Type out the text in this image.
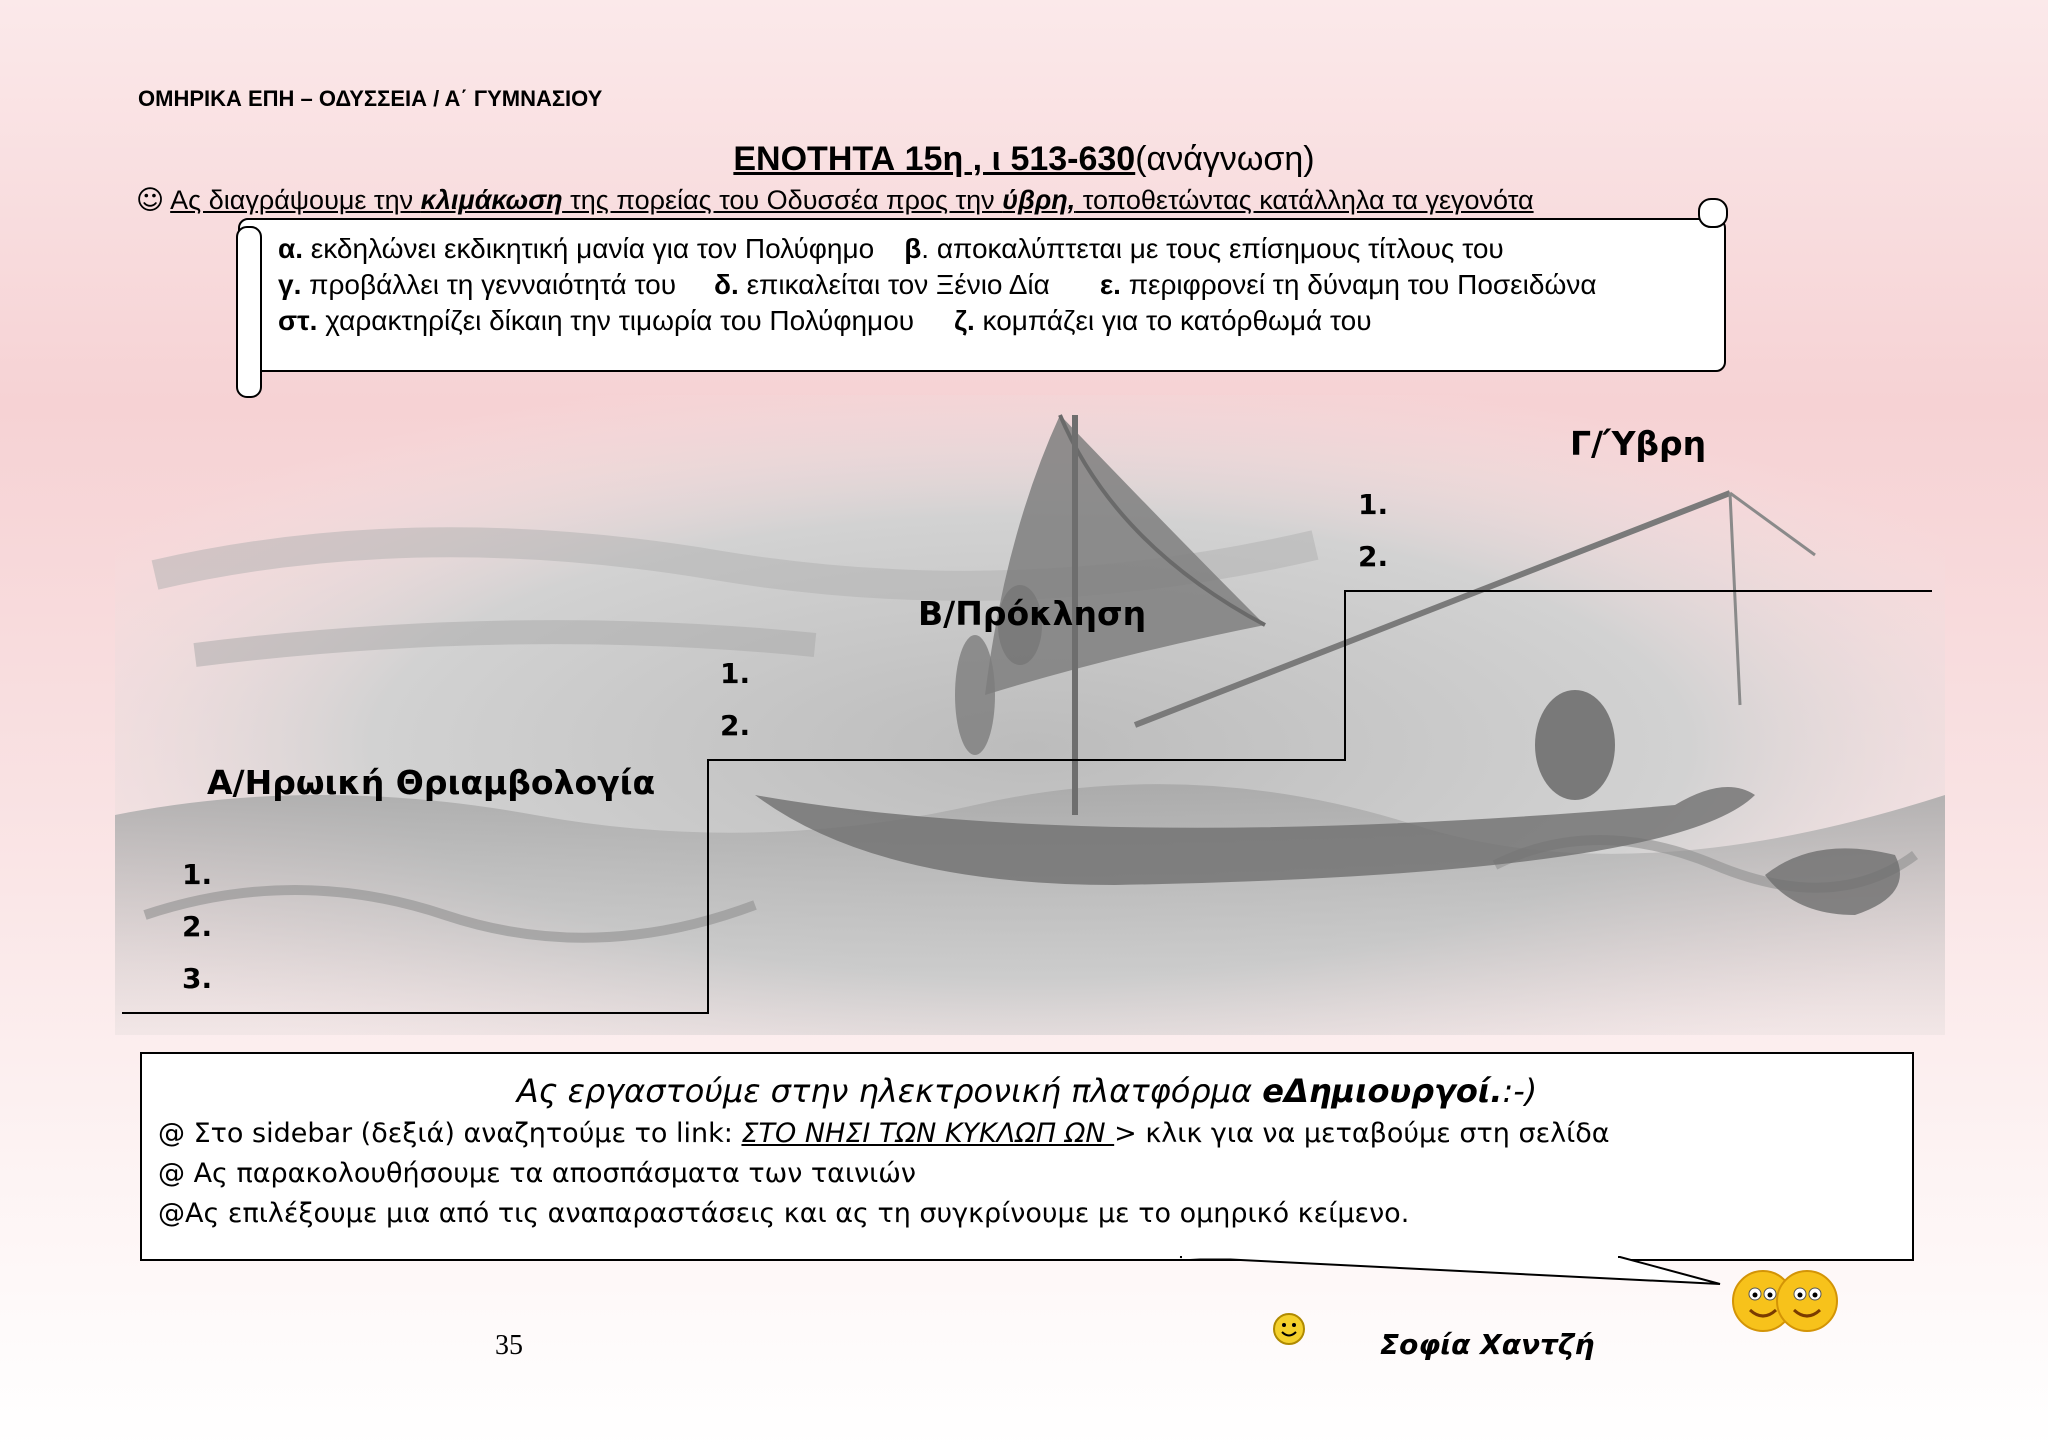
ΟΜΗΡΙΚΑ ΕΠΗ – ΟΔΥΣΣΕΙΑ / Α΄ ΓΥΜΝΑΣΙΟΥ
ΕΝΟΤΗΤΑ 15η , ι 513-630(ανάγνωση)
☺ Ας διαγράψουμε την κλιμάκωση της πορείας του Οδυσσέα προς την ύβρη, τοποθετώντας κατάλληλα τα γεγονότα
α. εκδηλώνει εκδικητική μανία για τον Πολύφημο β. αποκαλύπτεται με τους επίσημους τίτλους του
γ. προβάλλει τη γενναιότητά του δ. επικαλείται τον Ξένιο Δία ε. περιφρονεί τη δύναμη του Ποσειδώνα
στ. χαρακτηρίζει δίκαιη την τιμωρία του Πολύφημου ζ. κομπάζει για το κατόρθωμά του
Α/Ηρωική Θριαμβολογία
1.
2.
3.
Β/Πρόκληση
1.
2.
Γ/Ύβρη
1.
2.
Ας εργαστούμε στην ηλεκτρονική πλατφόρμα eΔημιουργοί.:-)
@ Στο sidebar (δεξιά) αναζητούμε το link: ΣΤΟ ΝΗΣΙ ΤΩΝ ΚΥΚΛΩΠ ΩΝ > κλικ για να μεταβούμε στη σελίδα
@ Ας παρακολουθήσουμε τα αποσπάσματα των ταινιών
@Ας επιλέξουμε μια από τις αναπαραστάσεις και ας τη συγκρίνουμε με το ομηρικό κείμενο.
35	Σοφία Χαντζή
